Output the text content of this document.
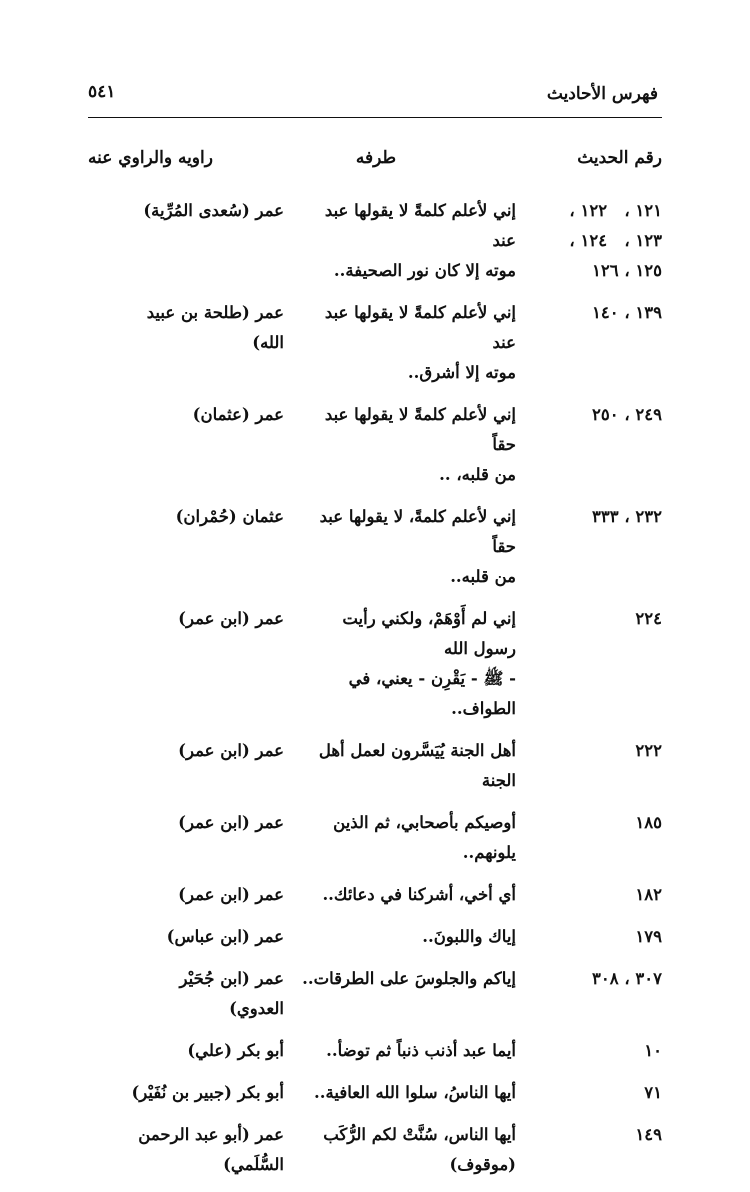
فهرس الأحاديث
٥٤١
رقم الحديث
طرفه
راويه والراوي عنه
١٢١ ،   ١٢٢ ،
١٢٣ ،   ١٢٤ ،
١٢٥ ، ١٢٦
إني لأعلم كلمةً لا يقولها عبد عند
موته إلا كان نور الصحيفة..
عمر (سُعدى المُرِّية)
١٣٩ ، ١٤٠
إني لأعلم كلمةً لا يقولها عبد عند
موته إلا أشرق..
عمر (طلحة بن عبيد
الله)
٢٤٩ ، ٢٥٠
إني لأعلم كلمةً لا يقولها عبد حقاً
من قلبه، ..
عمر (عثمان)
٢٣٢ ، ٣٣٣
إني لأعلم كلمةً، لا يقولها عبد حقاً
من قلبه..
عثمان (حُمْران)
٢٢٤
إني لم أَوْهَمْ، ولكني رأيت رسول الله
- ﷺ - يَقْرِن - يعني، في
الطواف..
عمر (ابن عمر)
٢٢٢
أهل الجنة يُيَسَّرون لعمل أهل الجنة
عمر (ابن عمر)
١٨٥
أوصيكم بأصحابي، ثم الذين
يلونهم..
عمر (ابن عمر)
١٨٢
أي أخي، أشركنا في دعائك..
عمر (ابن عمر)
١٧٩
إياك واللبونَ..
عمر (ابن عباس)
٣٠٧ ، ٣٠٨
إياكم والجلوسَ على الطرقات..
عمر (ابن جُحَيْر
العدوي)
١٠
أيما عبد أذنب ذنباً ثم توضأ..
أبو بكر (علي)
٧١
أيها الناسُ، سلوا الله العافية..
أبو بكر (جبير بن نُفَيْر)
١٤٩
أيها الناس، سُنَّتْ لكم الرُّكَب
(موقوف)
عمر (أبو عبد الرحمن
السُّلَمي)
